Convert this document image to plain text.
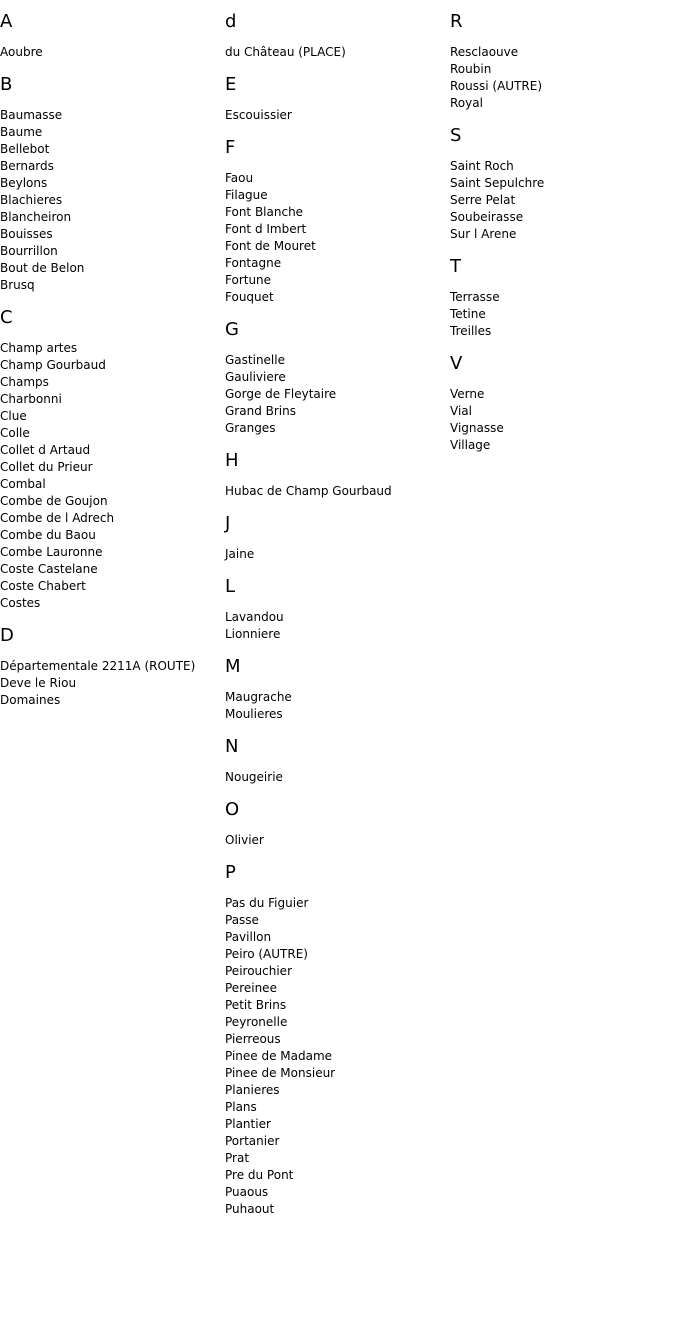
A
Aoubre
B
Baumasse
Baume
Bellebot
Bernards
Beylons
Blachieres
Blancheiron
Bouisses
Bourrillon
Bout de Belon
Brusq
C
Champ artes
Champ Gourbaud
Champs
Charbonni
Clue
Colle
Collet d Artaud
Collet du Prieur
Combal
Combe de Goujon
Combe de l Adrech
Combe du Baou
Combe Lauronne
Coste Castelane
Coste Chabert
Costes
D
Départementale 2211A (ROUTE)
Deve le Riou
Domaines
d
du Château (PLACE)
E
Escouissier
F
Faou
Filague
Font Blanche
Font d Imbert
Font de Mouret
Fontagne
Fortune
Fouquet
G
Gastinelle
Gauliviere
Gorge de Fleytaire
Grand Brins
Granges
H
Hubac de Champ Gourbaud
J
Jaine
L
Lavandou
Lionniere
M
Maugrache
Moulieres
N
Nougeirie
O
Olivier
P
Pas du Figuier
Passe
Pavillon
Peiro (AUTRE)
Peirouchier
Pereinee
Petit Brins
Peyronelle
Pierreous
Pinee de Madame
Pinee de Monsieur
Planieres
Plans
Plantier
Portanier
Prat
Pre du Pont
Puaous
Puhaout
R
Resclaouve
Roubin
Roussi (AUTRE)
Royal
S
Saint Roch
Saint Sepulchre
Serre Pelat
Soubeirasse
Sur l Arene
T
Terrasse
Tetine
Treilles
V
Verne
Vial
Vignasse
Village
